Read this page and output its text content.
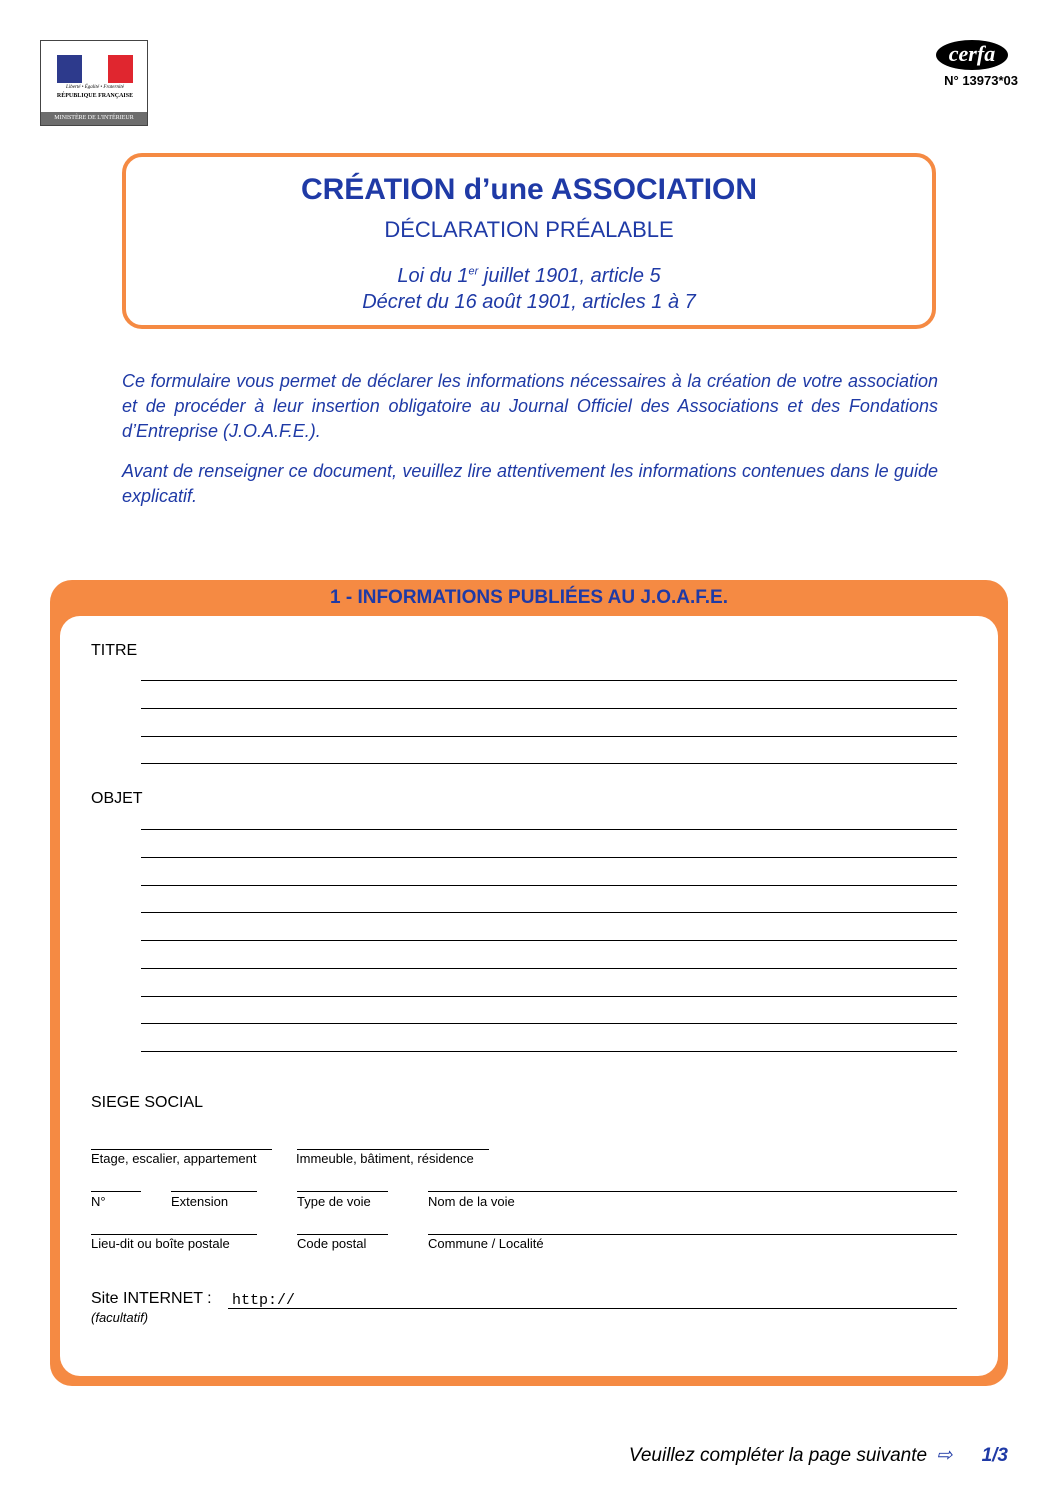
Liberté • Égalité • Fraternité
RÉPUBLIQUE FRANÇAISE
MINISTÈRE DE L'INTÉRIEUR
cerfa
N° 13973*03
CRÉATION d’une ASSOCIATION
DÉCLARATION PRÉALABLE
Loi du 1er juillet 1901, article 5
Décret du 16 août 1901, articles 1 à 7
Ce formulaire vous permet de déclarer les informations nécessaires à la création de votre association et de procéder à leur insertion obligatoire au Journal Officiel des Associations et des Fondations d’Entreprise (J.O.A.F.E.).
Avant de renseigner ce document, veuillez lire attentivement les informations contenues dans le guide explicatif.
1 - INFORMATIONS PUBLIÉES AU J.O.A.F.E.
TITRE
OBJET
SIEGE SOCIAL
Etage, escalier, appartement	Immeuble, bâtiment, résidence
N°	Extension	Type de voie	Nom de la voie
Lieu-dit ou boîte postale	Code postal	Commune / Localité
Site INTERNET : http://
(facultatif)
Veuillez compléter la page suivante ⇨ 1/3
